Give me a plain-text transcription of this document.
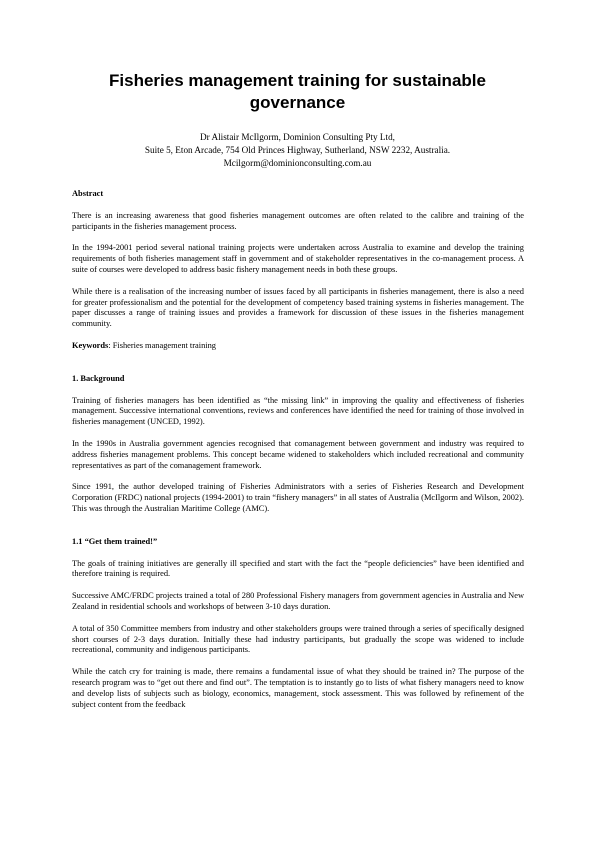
Fisheries management training for sustainable governance
Dr Alistair McIlgorm, Dominion Consulting Pty Ltd,
Suite 5, Eton Arcade, 754 Old Princes Highway, Sutherland, NSW 2232, Australia.
Mcilgorm@dominionconsulting.com.au
Abstract

There is an increasing awareness that good fisheries management outcomes are often related to the calibre and training of the participants in the fisheries management process.

In the 1994-2001 period several national training projects were undertaken across Australia to examine and develop the training requirements of both fisheries management staff in government and of stakeholder representatives in the co-management process. A suite of courses were developed to address basic fishery management needs in both these groups.

While there is a realisation of the increasing number of issues faced by all participants in fisheries management, there is also a need for greater professionalism and the potential for the development of competency based training systems in fisheries management. The paper discusses a range of training issues and provides a framework for discussion of these issues in the fisheries management community.

Keywords: Fisheries management training

1. Background

Training of fisheries managers has been identified as “the missing link” in improving the quality and effectiveness of fisheries management. Successive international conventions, reviews and conferences have identified the need for training of those involved in fisheries management (UNCED, 1992).

In the 1990s in Australia government agencies recognised that comanagement between government and industry was required to address fisheries management problems. This concept became widened to stakeholders which included recreational and community representatives as part of the comanagement framework.

Since 1991, the author developed training of Fisheries Administrators with a series of Fisheries Research and Development Corporation (FRDC) national projects (1994-2001) to train “fishery managers” in all states of Australia (McIlgorm and Wilson, 2002). This was through the Australian Maritime College (AMC).

1.1 “Get them trained!”

The goals of training initiatives are generally ill specified and start with the fact the “people deficiencies” have been identified and therefore training is required.

Successive AMC/FRDC projects trained a total of 280 Professional Fishery managers from government agencies in Australia and New Zealand in residential schools and workshops of between 3-10 days duration.

A total of 350 Committee members from industry and other stakeholders groups were trained through a series of specifically designed short courses of 2-3 days duration. Initially these had industry participants, but gradually the scope was widened to include recreational, community and indigenous participants.

While the catch cry for training is made, there remains a fundamental issue of what they should be trained in? The purpose of the research program was to “get out there and find out”. The temptation is to instantly go to lists of what fishery managers need to know and develop lists of subjects such as biology, economics, management, stock assessment. This was followed by refinement of the subject content from the feedback
